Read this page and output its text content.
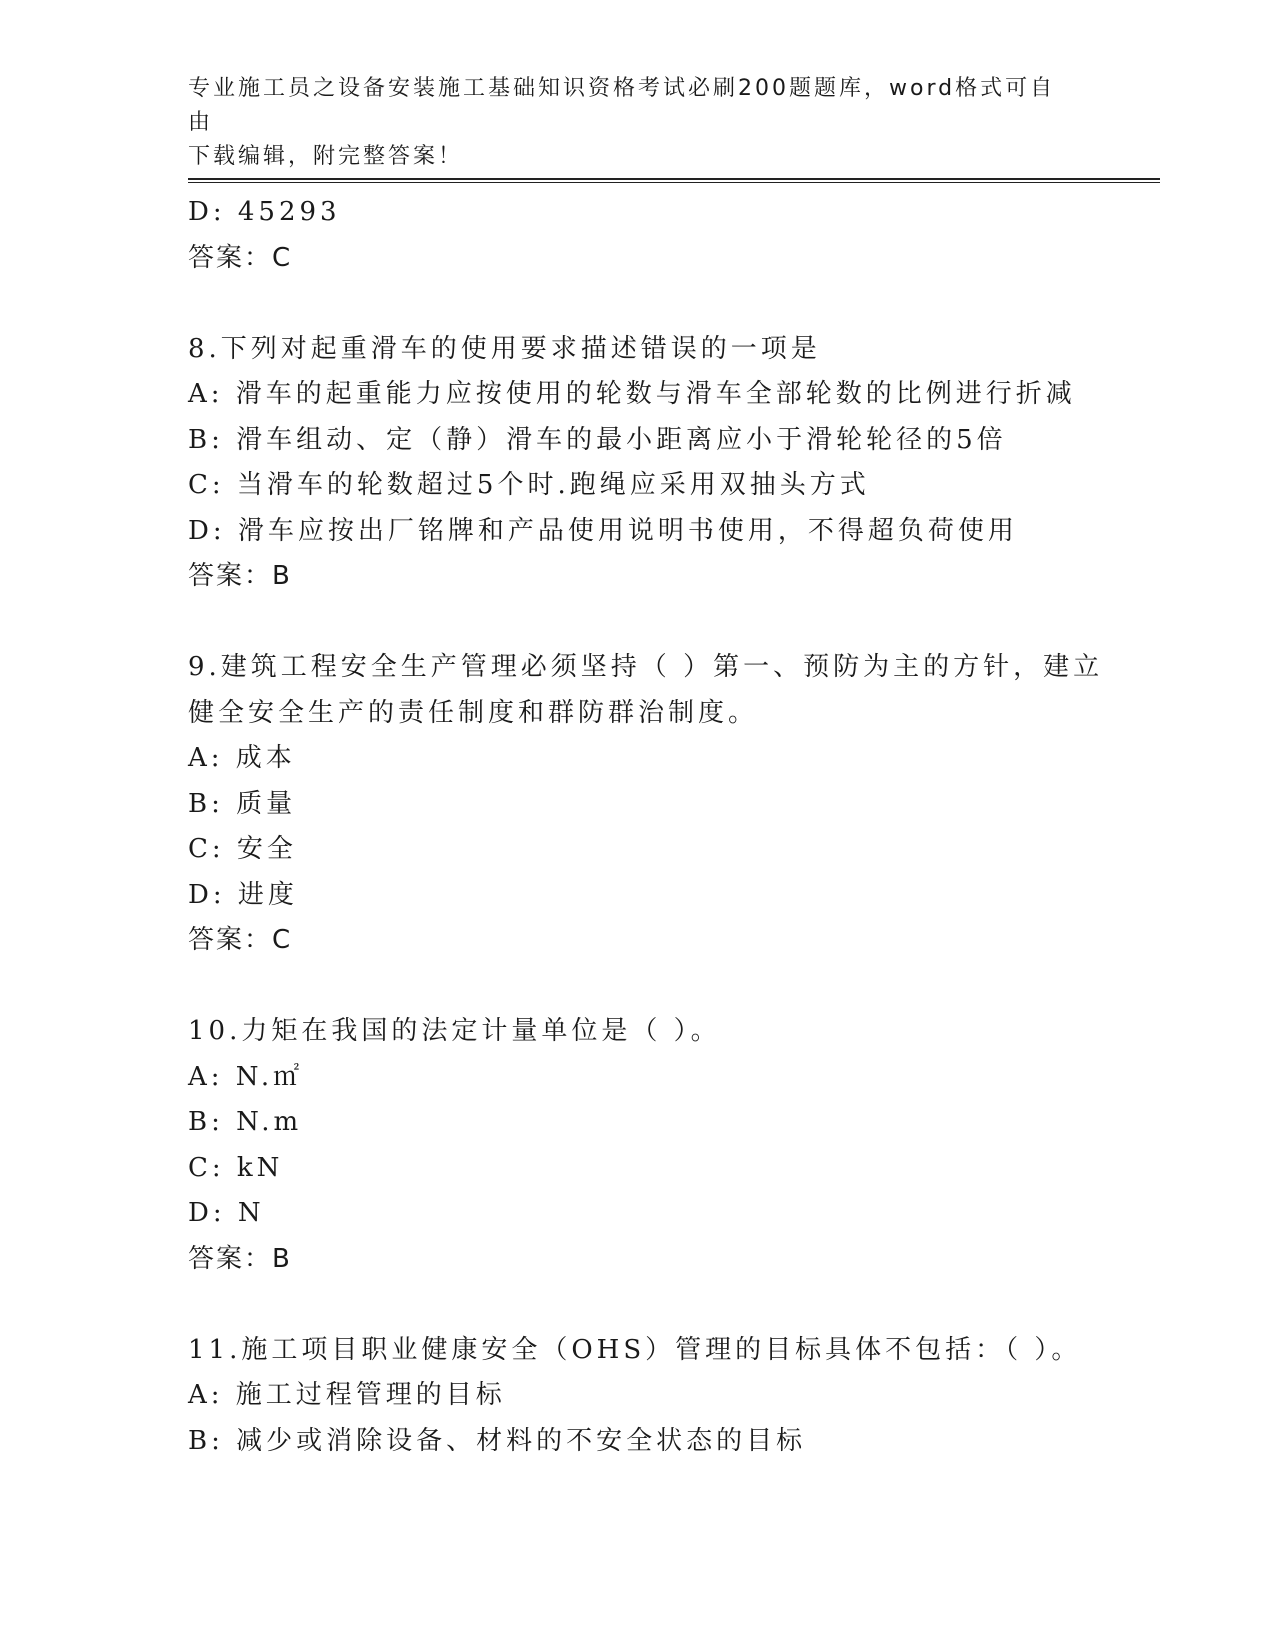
专业施工员之设备安装施工基础知识资格考试必刷200题题库，word格式可自由
下载编辑，附完整答案！
D: 45293
答案：C
8.下列对起重滑车的使用要求描述错误的一项是
A: 滑车的起重能力应按使用的轮数与滑车全部轮数的比例进行折减
B: 滑车组动、定（静）滑车的最小距离应小于滑轮轮径的5倍
C: 当滑车的轮数超过5个时.跑绳应采用双抽头方式
D: 滑车应按出厂铭牌和产品使用说明书使用，不得超负荷使用
答案：B
9.建筑工程安全生产管理必须坚持（ ）第一、预防为主的方针，建立
健全安全生产的责任制度和群防群治制度。
A: 成本
B: 质量
C: 安全
D: 进度
答案：C
10.力矩在我国的法定计量单位是（ ）。
A: N.㎡
B: N.m
C: kN
D: N
答案：B
11.施工项目职业健康安全（OHS）管理的目标具体不包括：（ ）。
A: 施工过程管理的目标
B: 减少或消除设备、材料的不安全状态的目标
